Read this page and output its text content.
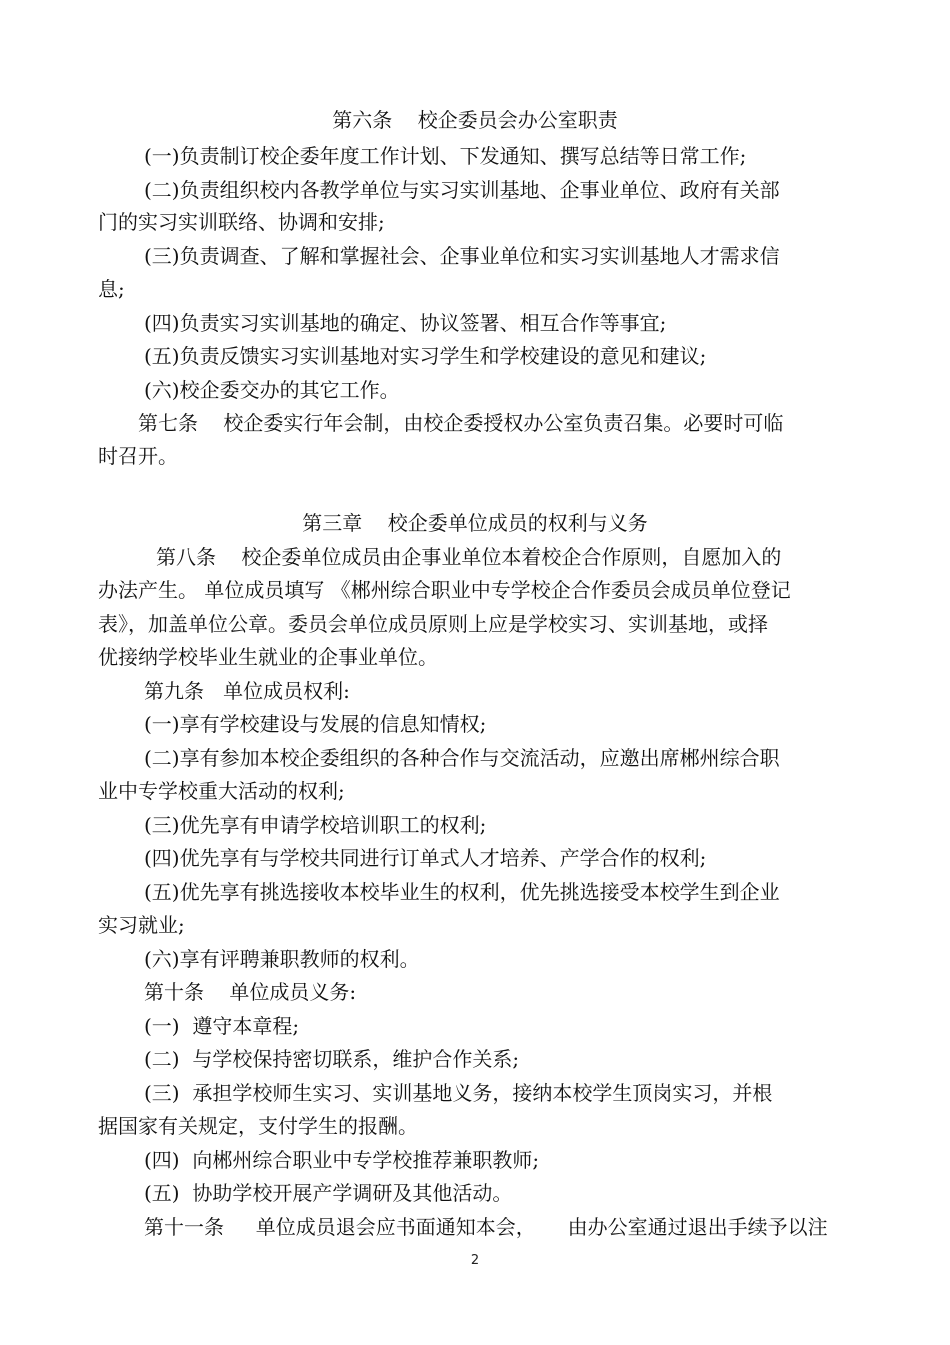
第六条    校企委员会办公室职责
(一)负责制订校企委年度工作计划、下发通知、撰写总结等日常工作;
(二)负责组织校内各教学单位与实习实训基地、企事业单位、政府有关部
门的实习实训联络、协调和安排;
(三)负责调查、了解和掌握社会、企事业单位和实习实训基地人才需求信
息;
(四)负责实习实训基地的确定、协议签署、相互合作等事宜;
(五)负责反馈实习实训基地对实习学生和学校建设的意见和建议;
(六)校企委交办的其它工作。
第七条    校企委实行年会制，由校企委授权办公室负责召集。必要时可临
时召开。
第三章    校企委单位成员的权利与义务
第八条    校企委单位成员由企事业单位本着校企合作原则，自愿加入的
办法产生。 单位成员填写 《郴州综合职业中专学校企合作委员会成员单位登记
表》，加盖单位公章。委员会单位成员原则上应是学校实习、实训基地，或择
优接纳学校毕业生就业的企事业单位。
第九条   单位成员权利:
(一)享有学校建设与发展的信息知情权;
(二)享有参加本校企委组织的各种合作与交流活动，应邀出席郴州综合职
业中专学校重大活动的权利;
(三)优先享有申请学校培训职工的权利;
(四)优先享有与学校共同进行订单式人才培养、产学合作的权利;
(五)优先享有挑选接收本校毕业生的权利，优先挑选接受本校学生到企业
实习就业;
(六)享有评聘兼职教师的权利。
第十条    单位成员义务:
(一)  遵守本章程;
(二)  与学校保持密切联系，维护合作关系;
(三)  承担学校师生实习、实训基地义务，接纳本校学生顶岗实习，并根
据国家有关规定，支付学生的报酬。
(四)  向郴州综合职业中专学校推荐兼职教师;
(五)  协助学校开展产学调研及其他活动。
第十一条     单位成员退会应书面通知本会，     由办公室通过退出手续予以注
2
